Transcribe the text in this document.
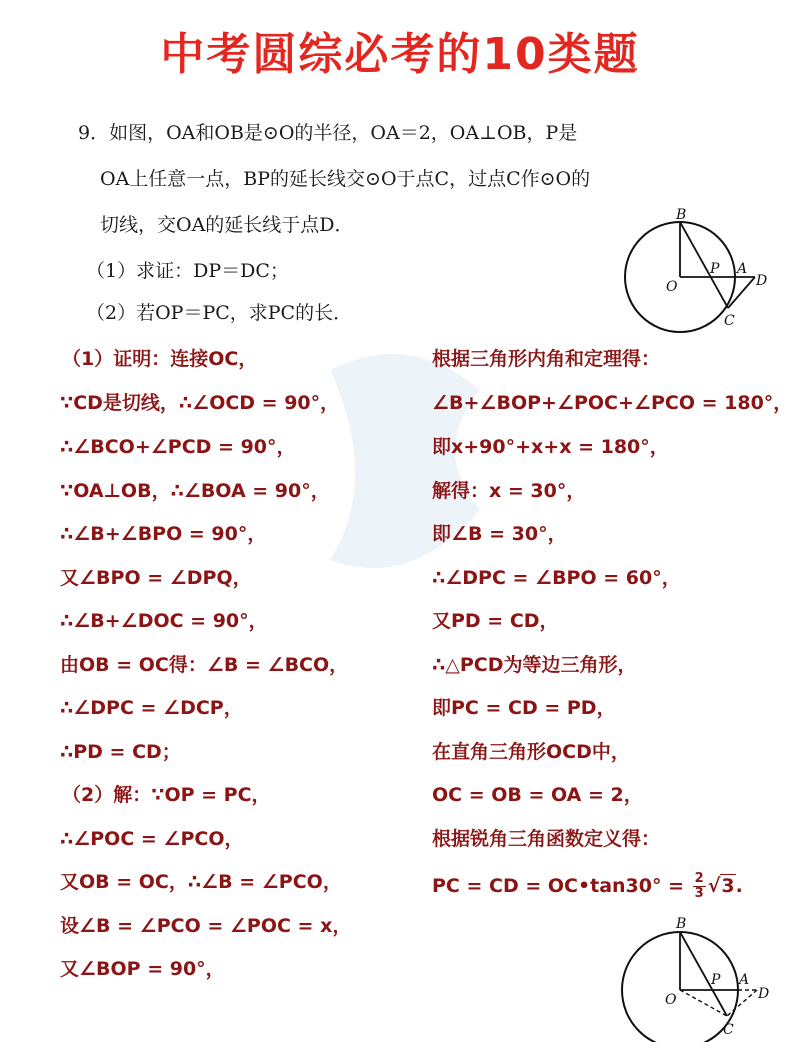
中考圆综必考的10类题
9．如图，OA和OB是⊙O的半径，OA＝2，OA⊥OB，P是
OA上任意一点，BP的延长线交⊙O于点C，过点C作⊙O的
切线，交OA的延长线于点D．
（1）求证：DP＝DC；
（2）若OP＝PC，求PC的长．
B
O
P A
D
C
（1）证明：连接OC，
∵CD是切线，∴∠OCD = 90°，
∴∠BCO+∠PCD = 90°，
∵OA⊥OB，∴∠BOA = 90°，
∴∠B+∠BPO = 90°，
又∠BPO = ∠DPQ，
∴∠B+∠DOC = 90°，
由OB = OC得：∠B = ∠BCO，
∴∠DPC = ∠DCP，
∴PD = CD；
（2）解：∵OP = PC，
∴∠POC = ∠PCO，
又OB = OC，∴∠B = ∠PCO，
设∠B = ∠PCO = ∠POC = x，
又∠BOP = 90°，
根据三角形内角和定理得：
∠B+∠BOP+∠POC+∠PCO = 180°，
即x+90°+x+x = 180°，
解得：x = 30°，
即∠B = 30°，
∴∠DPC = ∠BPO = 60°，
又PD = CD，
∴△PCD为等边三角形，
即PC = CD = PD，
在直角三角形OCD中，
OC = OB = OA = 2，
根据锐角三角函数定义得：
PC = CD = OC•tan30° = $\frac{2}{3} √3$.
B
O
P A
D
C
